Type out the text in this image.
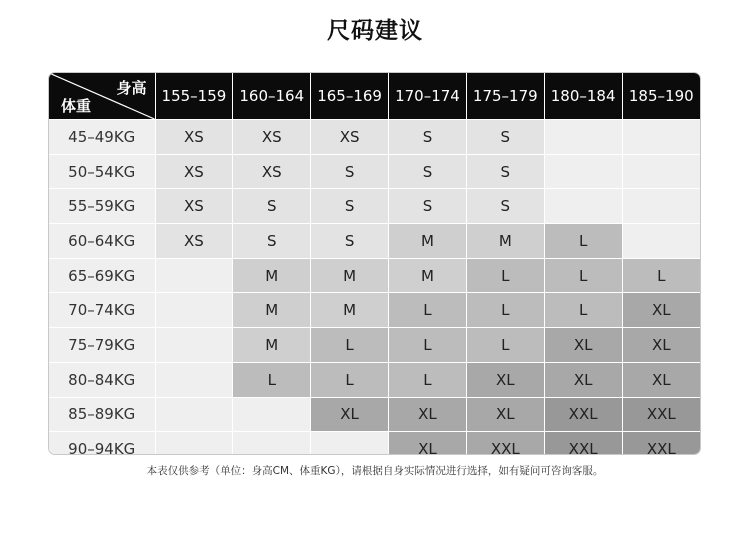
尺码建议
身高
体重	155–159	160–164	165–169	170–174	175–179	180–184	185–190
45–49KG	XS	XS	XS	S	S		
50–54KG	XS	XS	S	S	S		
55–59KG	XS	S	S	S	S		
60–64KG	XS	S	S	M	M	L	
65–69KG		M	M	M	L	L	L
70–74KG		M	M	L	L	L	XL
75–79KG		M	L	L	L	XL	XL
80–84KG		L	L	L	XL	XL	XL
85–89KG			XL	XL	XL	XXL	XXL
90–94KG				XL	XXL	XXL	XXL
本表仅供参考（单位：身高CM、体重KG），请根据自身实际情况进行选择，如有疑问可咨询客服。
